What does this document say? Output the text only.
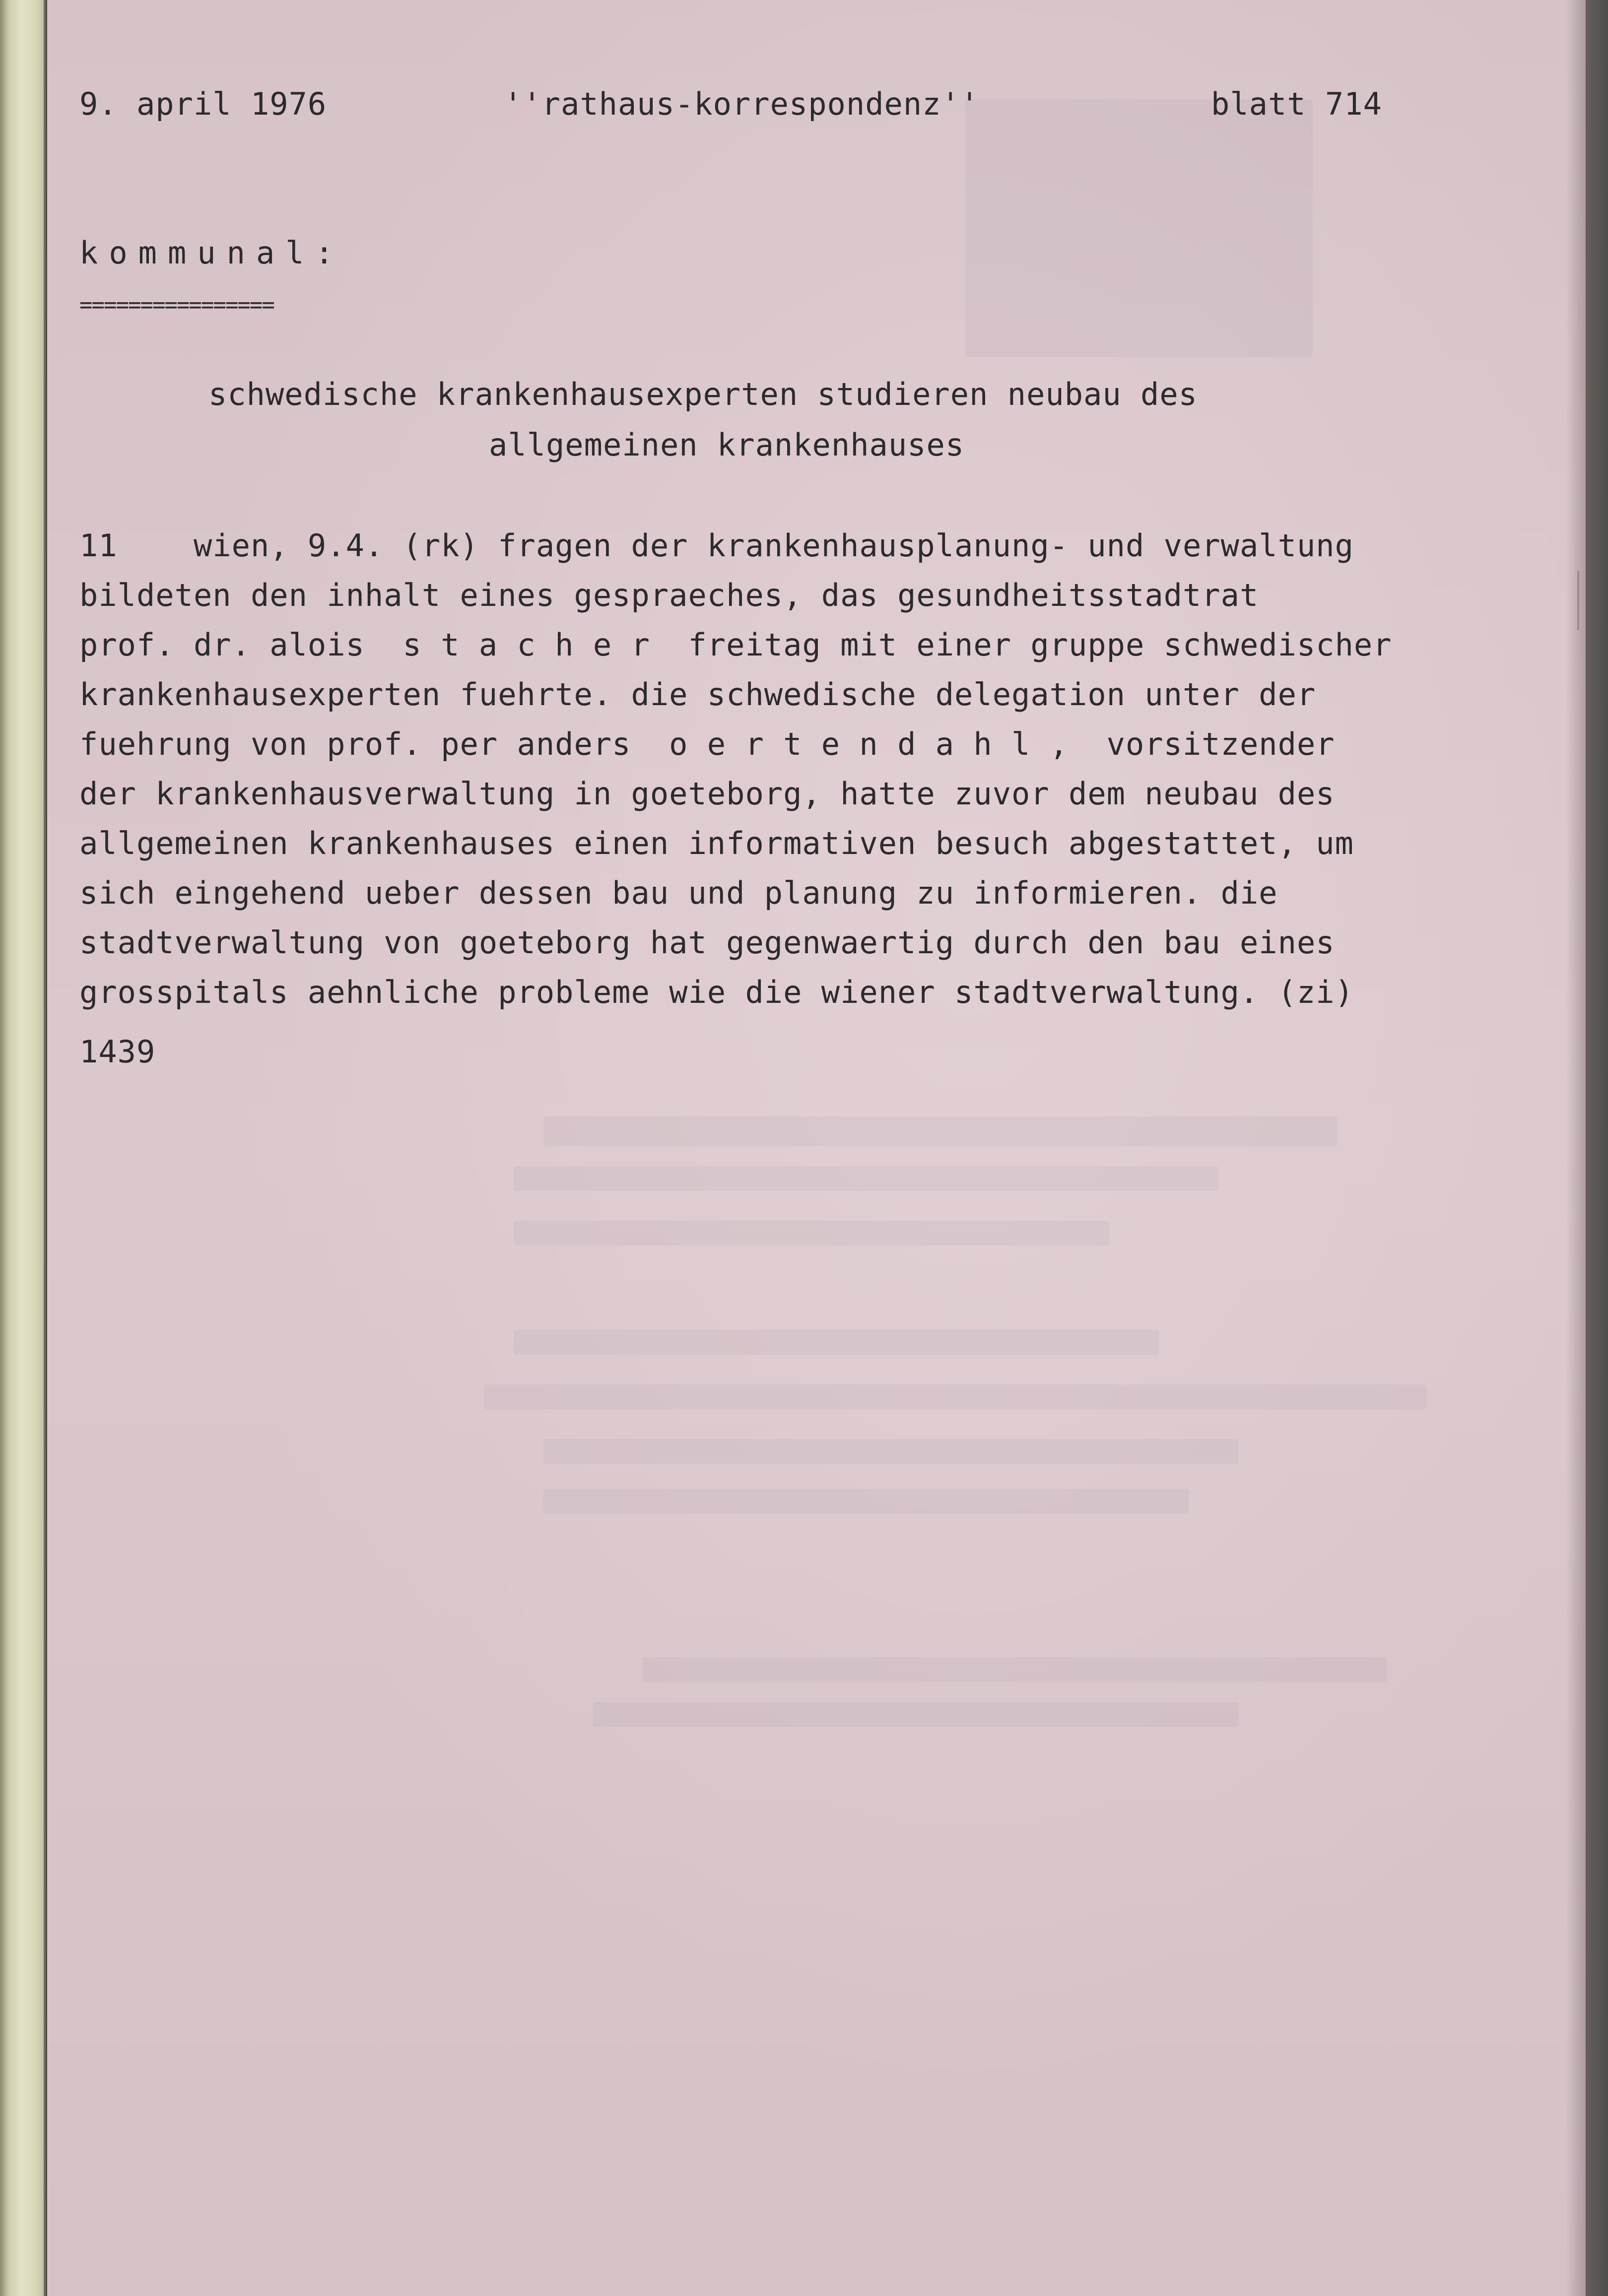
9. april 1976	''rathaus-korrespondenz''	blatt 714
kommunal:
================
schwedische krankenhausexperten studieren neubau des
allgemeinen krankenhauses
11    wien, 9.4. (rk) fragen der krankenhausplanung- und verwaltung
bildeten den inhalt eines gespraeches, das gesundheitsstadtrat
prof. dr. alois  s t a c h e r  freitag mit einer gruppe schwedischer
krankenhausexperten fuehrte. die schwedische delegation unter der
fuehrung von prof. per anders  o e r t e n d a h l ,  vorsitzender
der krankenhausverwaltung in goeteborg, hatte zuvor dem neubau des
allgemeinen krankenhauses einen informativen besuch abgestattet, um
sich eingehend ueber dessen bau und planung zu informieren. die
stadtverwaltung von goeteborg hat gegenwaertig durch den bau eines
grosspitals aehnliche probleme wie die wiener stadtverwaltung. (zi)
1439
